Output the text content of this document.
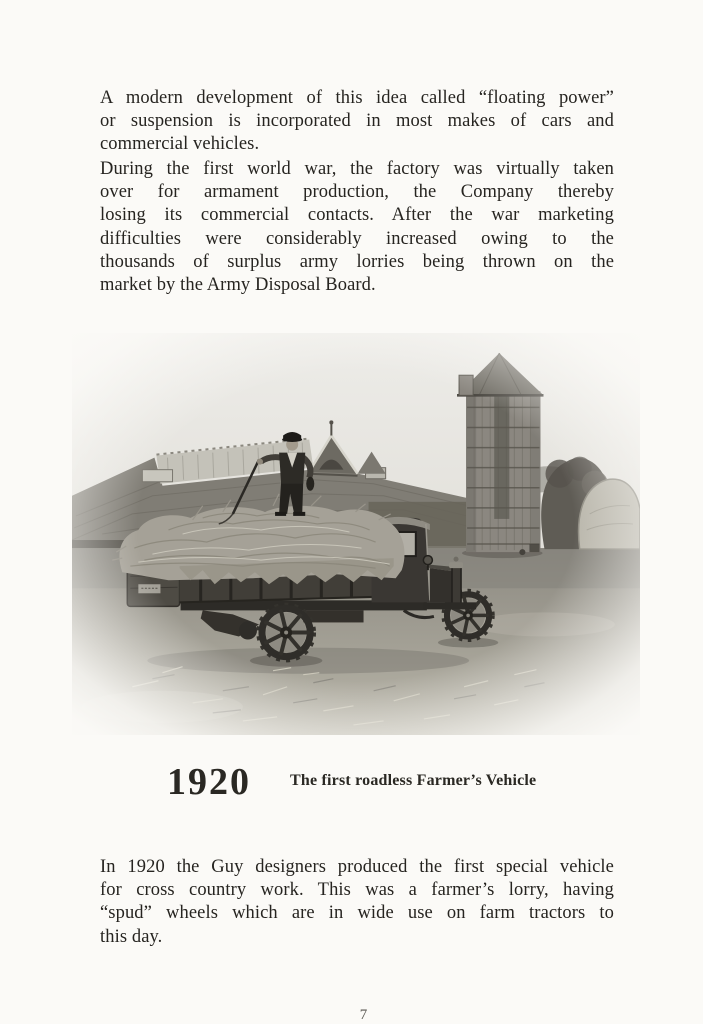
A modern development of this idea called “floating power”
or suspension is incorporated in most makes of cars and
commercial vehicles.
During the first world war, the factory was virtually taken
over for armament production, the Company thereby
losing its commercial contacts. After the war marketing
difficulties were considerably increased owing to the
thousands of surplus army lorries being thrown on the
market by the Army Disposal Board.
1920 The first roadless Farmer’s Vehicle
In 1920 the Guy designers produced the first special vehicle
for cross country work. This was a farmer’s lorry, having
“spud” wheels which are in wide use on farm tractors to
this day.
7
